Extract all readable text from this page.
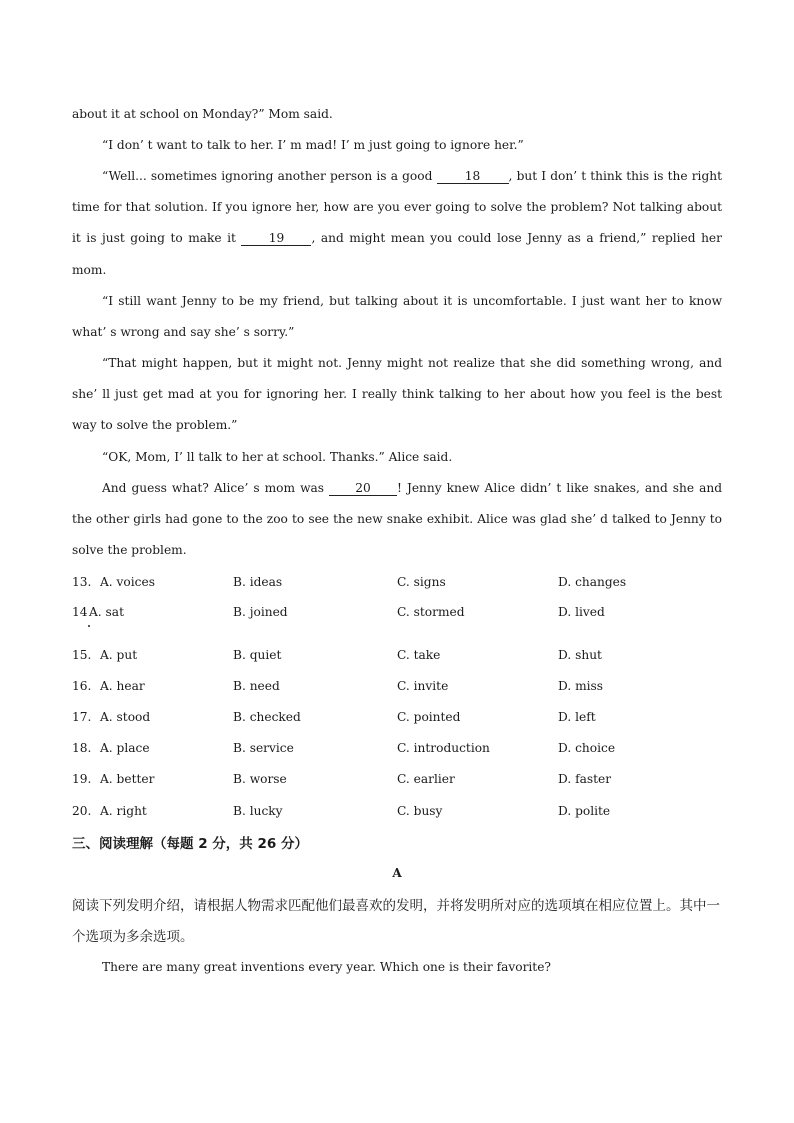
about it at school on Monday?” Mom said.

“I don’ t want to talk to her. I’ m mad! I’ m just going to ignore her.”

“Well... sometimes ignoring another person is a good 18 , but I don’ t think this is the right time for that solution. If you ignore her, how are you ever going to solve the problem? Not talking about it is just going to make it 19 , and might mean you could lose Jenny as a friend,” replied her mom.

“I still want Jenny to be my friend, but talking about it is uncomfortable. I just want her to know what’ s wrong and say she’ s sorry.”

“That might happen, but it might not. Jenny might not realize that she did something wrong, and she’ ll just get mad at you for ignoring her. I really think talking to her about how you feel is the best way to solve the problem.”

“OK, Mom, I’ ll talk to her at school. Thanks.” Alice said.

And guess what? Alice’ s mom was 20 ! Jenny knew Alice didn’ t like snakes, and she and the other girls had gone to the zoo to see the new snake exhibit. Alice was glad she’ d talked to Jenny to solve the problem.

13. A. voices	B. ideas	C. signs	D. changes
14 A. sat	B. joined	C. stormed	D. lived
15. A. put	B. quiet	C. take	D. shut
16. A. hear	B. need	C. invite	D. miss
17. A. stood	B. checked	C. pointed	D. left
18. A. place	B. service	C. introduction	D. choice
19. A. better	B. worse	C. earlier	D. faster
20. A. right	B. lucky	C. busy	D. polite
三、阅读理解（每题 2 分，共 26 分）
A

阅读下列发明介绍，请根据人物需求匹配他们最喜欢的发明，并将发明所对应的选项填在相应位置上。其中一个选项为多余选项。

There are many great inventions every year. Which one is their favorite?
